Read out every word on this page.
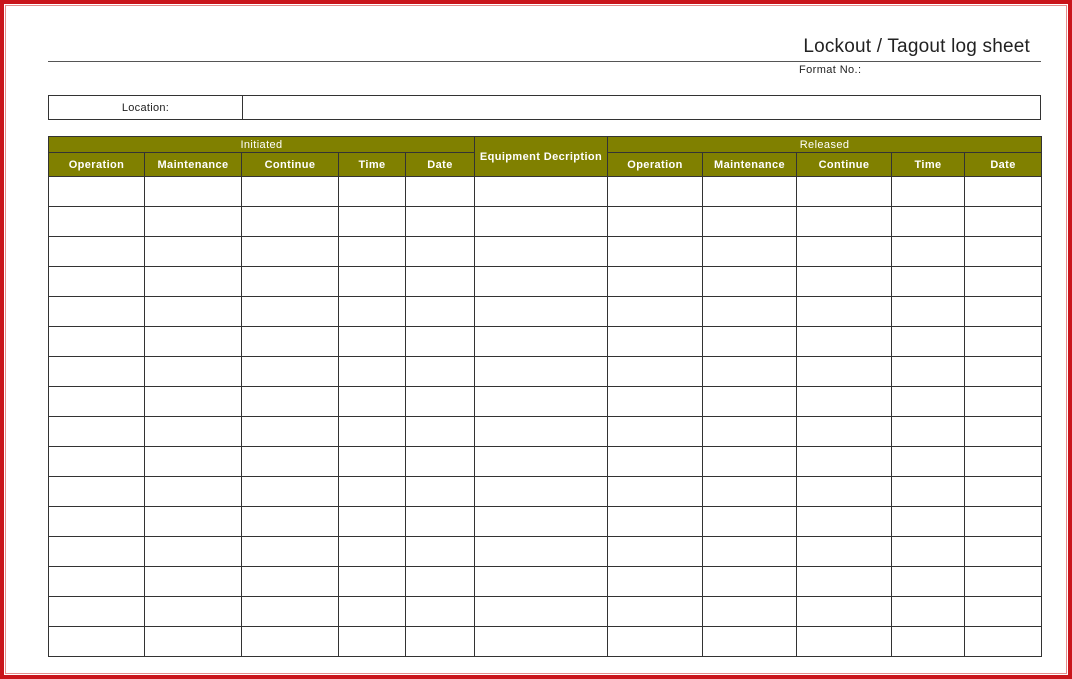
Lockout / Tagout log sheet
Format No.:
Location:
Initiated					Equipment Decription	Released				
Operation	Maintenance	Continue	Time	Date		Operation	Maintenance	Continue	Time	Date
